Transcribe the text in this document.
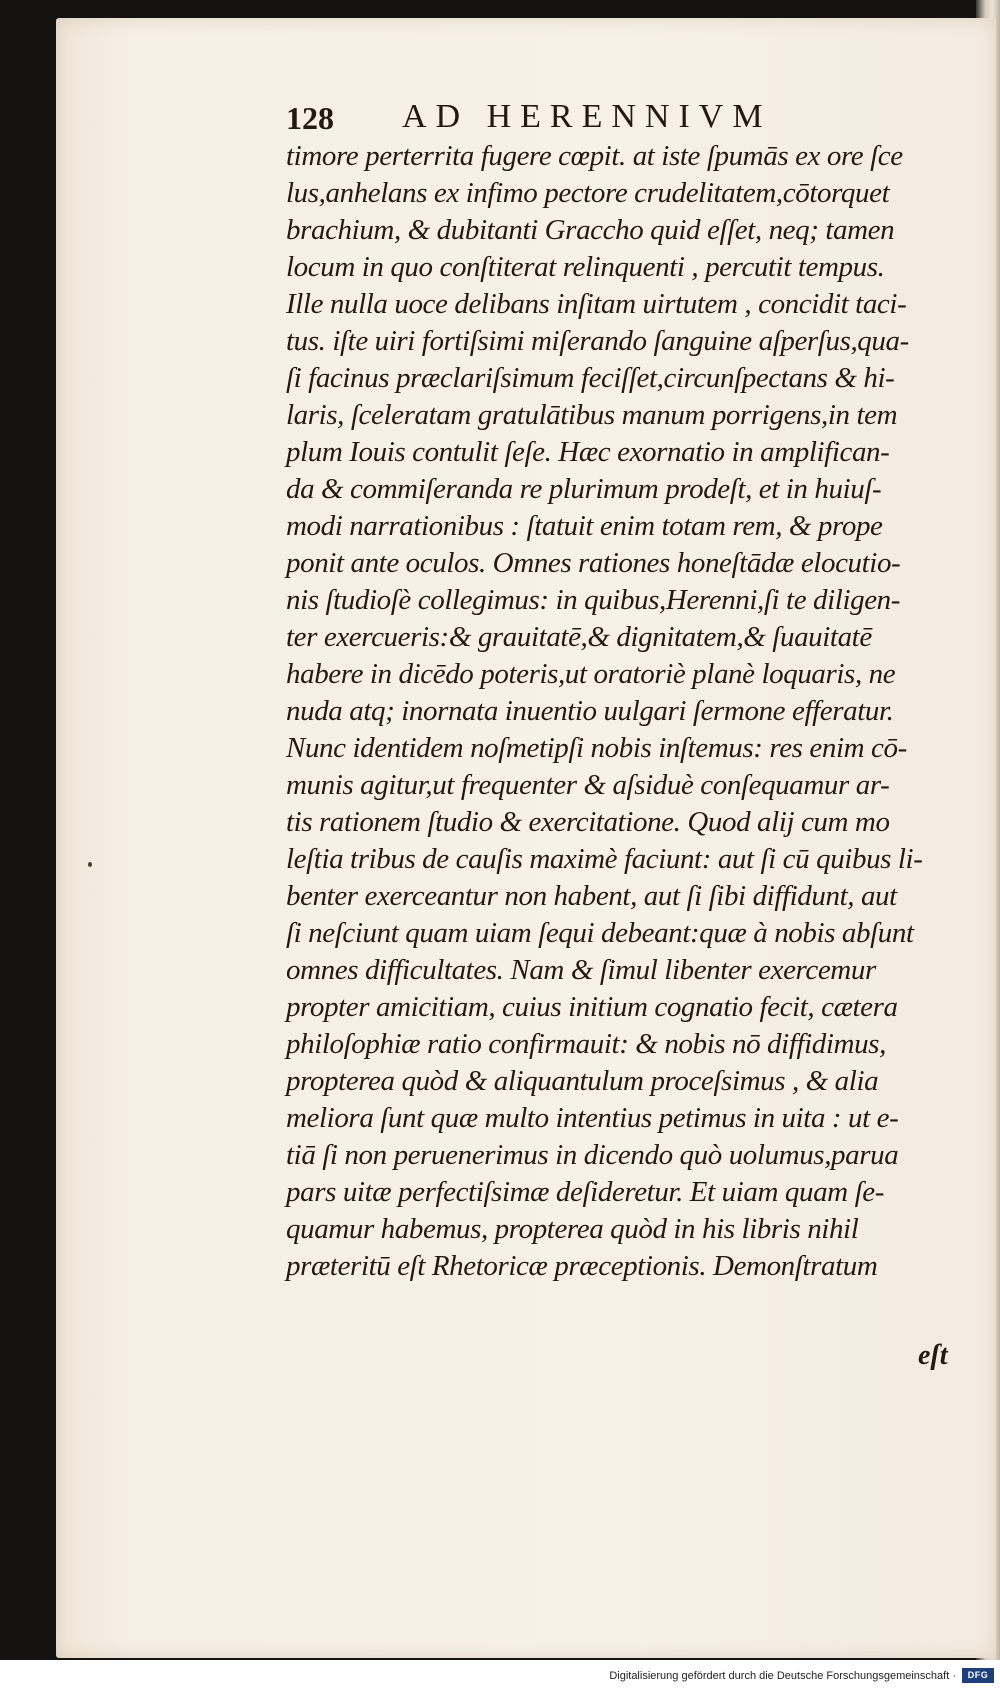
128 AD HERENNIVM
timore perterrita fugere cœpit. at iste ſpumās ex ore ſce
lus,anhelans ex infimo pectore crudelitatem,cōtorquet
brachium, & dubitanti Graccho quid eſſet, neq; tamen
locum in quo conſtiterat relinquenti , percutit tempus.
Ille nulla uoce delibans inſitam uirtutem , concidit taci-
tus. iſte uiri fortiſsimi miſerando ſanguine aſperſus,qua-
ſi facinus præclariſsimum feciſſet,circunſpectans & hi-
laris, ſceleratam gratulātibus manum porrigens,in tem
plum Iouis contulit ſeſe. Hæc exornatio in amplifican-
da & commiſeranda re plurimum prodeſt, et in huiuſ-
modi narrationibus : ſtatuit enim totam rem, & prope
ponit ante oculos. Omnes rationes honeſtādæ elocutio-
nis ſtudioſè collegimus: in quibus,Herenni,ſi te diligen-
ter exercueris:& grauitatē,& dignitatem,& ſuauitatē
habere in dicēdo poteris,ut oratoriè planè loquaris, ne
nuda atq; inornata inuentio uulgari ſermone efferatur.
Nunc identidem noſmetipſi nobis inſtemus: res enim cō-
munis agitur,ut frequenter & aſsiduè conſequamur ar-
tis rationem ſtudio & exercitatione. Quod alij cum mo
leſtia tribus de cauſis maximè faciunt: aut ſi cū quibus li-
benter exerceantur non habent, aut ſi ſibi diffidunt, aut
ſi neſciunt quam uiam ſequi debeant:quæ à nobis abſunt
omnes difficultates. Nam & ſimul libenter exercemur
propter amicitiam, cuius initium cognatio fecit, cætera
philoſophiæ ratio confirmauit: & nobis nō diffidimus,
propterea quòd & aliquantulum proceſsimus , & alia
meliora ſunt quæ multo intentius petimus in uita : ut e-
tiā ſi non peruenerimus in dicendo quò uolumus,parua
pars uitæ perfectiſsimæ deſideretur. Et uiam quam ſe-
quamur habemus, propterea quòd in his libris nihil
præteritū eſt Rhetoricæ præceptionis. Demonſtratum
eſt
Digitalisierung gefördert durch die Deutsche Forschungsgemeinschaft ·	DFG
